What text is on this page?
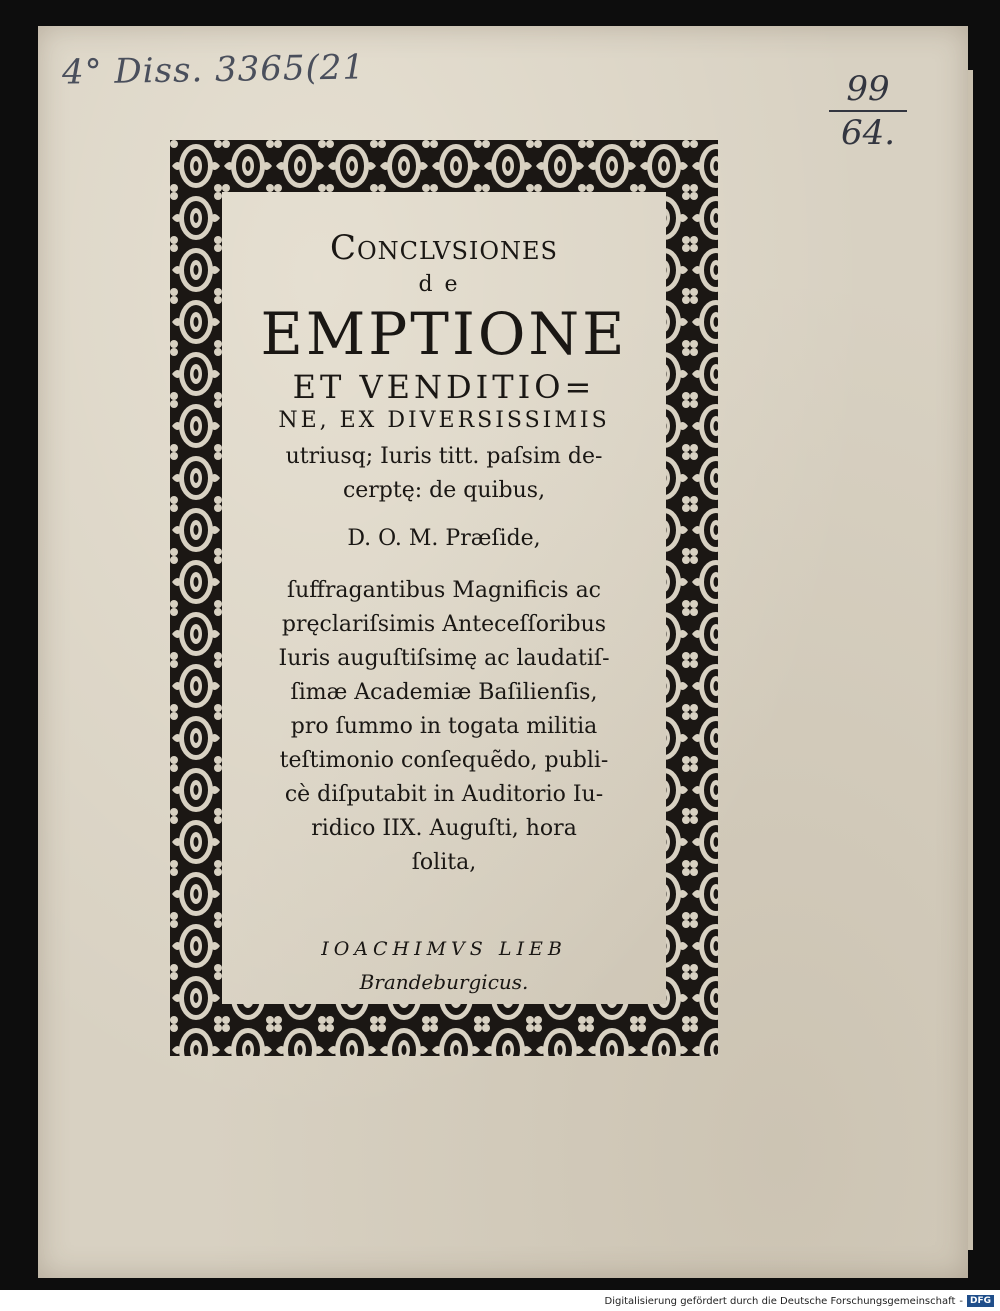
4° Diss. 3365(21	99
64.
Conclvsiones
de
EMPTIONE
ET VENDITIO=
NE, EX DIVERSISSIMIS
utriusq; Iuris titt. paſsim de-
cerptę: de quibus,
D. O. M. Præſide,
ſuffragantibus Magnificis ac
pręclariſsimis Anteceſſoribus
Iuris auguſtiſsimę ac laudatiſ-
ſimæ Academiæ Baſilienſis,
pro ſummo in togata militia
teſtimonio conſequẽdo, publi-
cè diſputabit in Auditorio Iu-
ridico IIX. Auguſti, hora
ſolita,
IOACHIMVS LIEB
Brandeburgicus.
Digitalisierung gefördert durch die Deutsche Forschungsgemeinschaft - DFG
